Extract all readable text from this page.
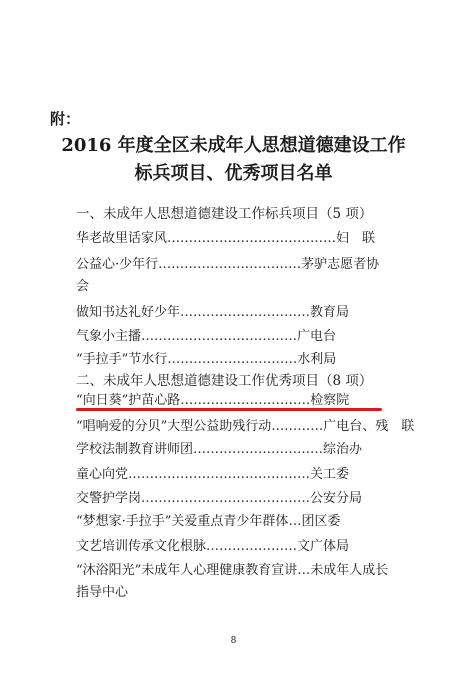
附：
2016 年度全区未成年人思想道德建设工作
标兵项目、优秀项目名单
一、未成年人思想道德建设工作标兵项目（5 项）
华老故里话家风…………………………………妇　联
公益心·少年行……………………………茅驴志愿者协
会
做知书达礼好少年…………………………教育局
气象小主播………………………………广电台
“手拉手”节水行…………………………水利局
二、未成年人思想道德建设工作优秀项目（8 项）
“向日葵”护苗心路…………………………检察院
“唱响爱的分贝”大型公益助残行动…………广电台、残　联
学校法制教育讲师团…………………………综治办
童心向党……………………………………关工委
交警护学岗…………………………………公安分局
“梦想家·手拉手”关爱重点青少年群体…团区委
文艺培训传承文化根脉…………………文广体局
“沐浴阳光”未成年人心理健康教育宣讲…未成年人成长
指导中心
8
